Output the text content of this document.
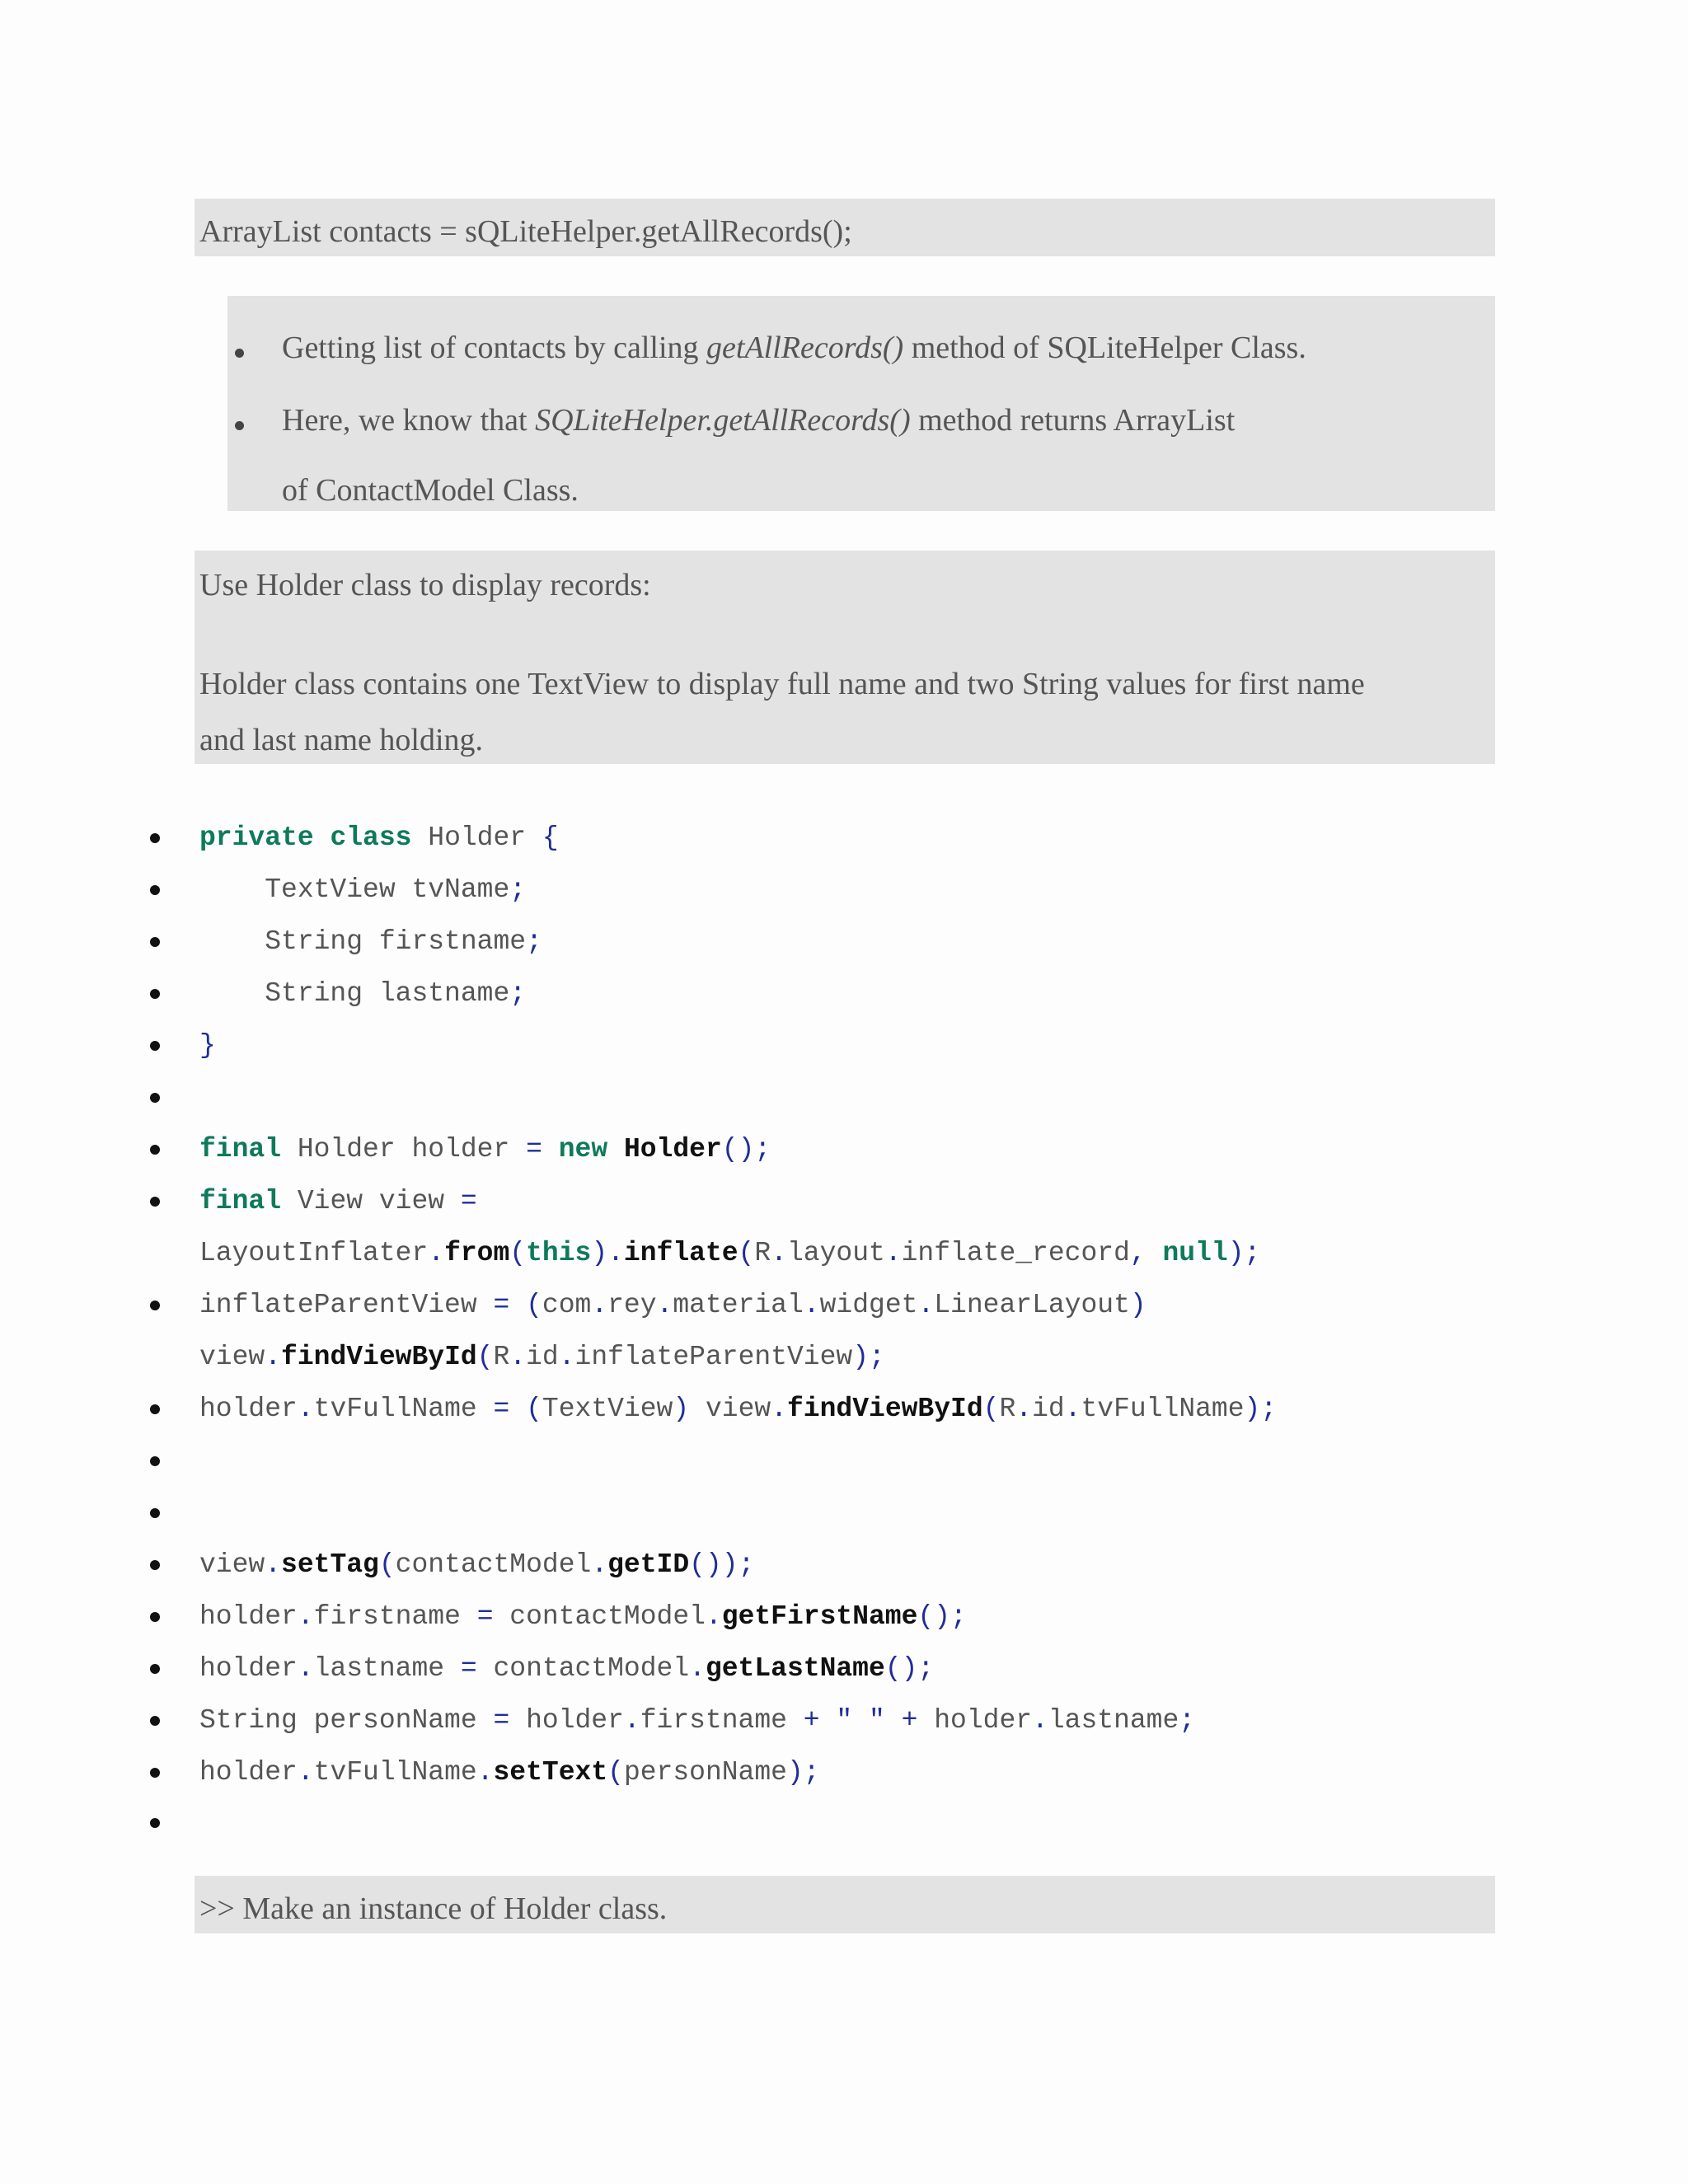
ArrayList contacts = sQLiteHelper.getAllRecords();
Getting list of contacts by calling getAllRecords() method of SQLiteHelper Class.
Here, we know that SQLiteHelper.getAllRecords() method returns ArrayList
of ContactModel Class.
Use Holder class to display records:
Holder class contains one TextView to display full name and two String values for first name
and last name holding.
private class Holder {
TextView tvName;
String firstname;
String lastname;
}
final Holder holder = new Holder();
final View view =
LayoutInflater.from(this).inflate(R.layout.inflate_record, null);
inflateParentView = (com.rey.material.widget.LinearLayout)
view.findViewById(R.id.inflateParentView);
holder.tvFullName = (TextView) view.findViewById(R.id.tvFullName);
view.setTag(contactModel.getID());
holder.firstname = contactModel.getFirstName();
holder.lastname = contactModel.getLastName();
String personName = holder.firstname + " " + holder.lastname;
holder.tvFullName.setText(personName);
>> Make an instance of Holder class.
